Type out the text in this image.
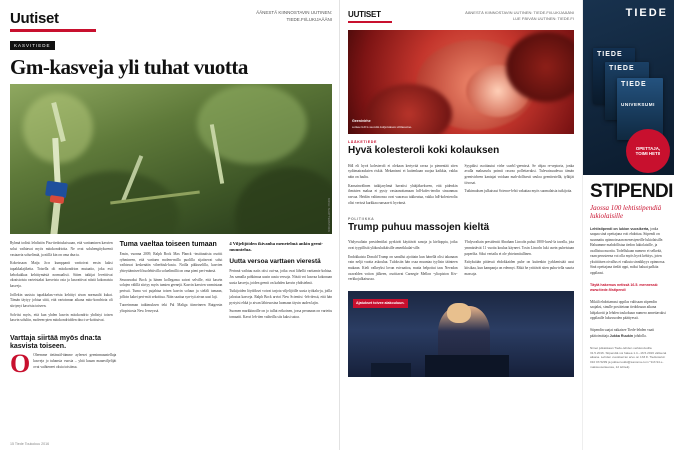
Uutiset	ÄÄNESTÄ KIINNOSTAVIN UUTINEN: TIEDE.FI/LUKIJAÄÄNI
KASVITIEDE
Gm-kasveja yli tuhat vuotta
KUVA: SHUTTERSTOCK

Ryhmä todisti lehdistön Pisa-tiedotuksissaan, että varttaminen kasvien solut vaihtavat myös mitokondrioita. Ne ovat soluhengitykseenä vastaavia soluelimiä, ja niillä kin on oma dna:ta.

Kokeissaan Maija Jo:n kumppanit varttoivat ensin kaksi tupakkalajiketta. Toisella oli mitokondrion mutaatio, joka esti kehokukkaa kehittymästä normaalisti. Sitten tutkijat leveittivat okraistoista varteistaksi kasveista osia ja kasvattivat niistä kokonaisia kasveja.

Joillekin uusista tupakkakas-veista kehittyi aivan normaalit kukat. Tämän täytyy johtua siitä, että vartoinnan aikana mito-kondriota oli siirtynyt kasvista toiseen.

Solviisi myös, että kun yhden kasvin mitokondrio yhdistyi toisen kasvin soluliin, moleem-pien mitokondriolden dna:t se-koittuivat.

Tuma vaeltaa toiseen tumaan

Ensin, vuonna 2009, Ralph Bock Max Planck -instituutista osoitti ryhmineen, että varttaen molem-milla puolilla sijaitsevat solut vaihtavat keskenään viherhiuk-kasia. Noilla pikkuselilla, kasvien yhteyttämiseeli huolehtivilla soluelimillä on oma pieni peri-mänsä.

Seuraavaksi Bock ja hänen kollegansa saivat selville, että kasvin solujen välillä siirtyy myös tumien geenejä. Kasvin kasvien varmistaan perissä. Tuma voi pujahtaa toisen kasvin soluun ja sieläli tumaan, jolloin kakei peri-mät sekoittua. Näin saattaa syn-tyä aivan uusi laji.

Tuoreimman tutkimuksen teki Pal Maliga tiimeineen Rutgersin yliopistosta New Jerseyssä.

4 Viljelijöiden ikivanha menetelmä ankin geeni-muuntelua.
Uutta versoa varttaen vierestä

Perinnä vaihtuu naiis oiisi oui-na, jotka ovat lähellä varttamis-kohtaa. Jos samalla pohkimaa uusin uusia versoja. Niistä voi kasvaa kokonaan uusia kasveja, joiden geenit on kahden kasvin yhdistelmä.

Tutkijoiden löydökset voivat tarjota viljelijöille uusia työkalu-ja, joilla jalostaa kasveja. Ralph Bock arvioi New Scientist -leh-dessä, että hän pystyisi ehkä jo aivan lähivuosina luomaan täysin uuden lajin.

Suomen markkinoille on jo tullut erikoinen, jossa perunaan on vartettu tomaatti. Kasvi leh-tien vaiheilla siis kaksi satoa.

Varttaja siirtää myös dna:ta kasvista toiseen.
O Oleemme tietänsäl-tämme ayleeset geeninmuuntelluja kasveja jo tuhansia vuosia – yhtä kauan maanviljelijät ovat vaihteneet oksia toisiinsa.
15 Tiede Toukokuu 2016
UUTISET	ÄÄNESTÄ KIINNOSTAVIN UUTINEN: TIEDE.FI/LUKIJAÄÄNI
LUE PÄIVÄN UUTINEN: TIEDE.FI
Geenivirhe
sotkee hdl:n suoniin kuljetuksen silmusataa.
LÄÄKETIEDE
Hyvä kolesteroli koki kolauksen

Hdl eli hyvä kolesteroli ei olekaan kertyvää ravaa ja pienentää siten sydänsairauksien riskiä. Mekanismi ei kuitenkaan suojaa kaikkia, vakka näin on luultu.

Kansainvälinen tutkijaryhmä havaitsi yhtäjäksekseen, että pidenkin ihmisten makaa ei pysty vastaanottamaan hdl-koles-terolin sinsanmaa rasvaa. Heidän valtimonsa ovat vaarassa tukkeutua, vakka hdl-kolesterolia olisi verissä kurkkaa runsaas-ti hyvänsä.

Syypäksi osoittautui virhe scarb1-geenissä. Se ohjaa re-septoria, jonka avulla maksasolu poimii rasvaa pollettavaksi. Tulevaisuudessa tämän geenivirheen kantajat voidaan mah-dollisesti seuloa geenitestellä, tylkijät tiivosat.

Tutkimuksen julkaissut Science-lehti vakuttaa myös suomalaisia tutkijoita.

POLITIIKKA
Trump puhuu massojen kieltä

Yhdysvaltain presidentiksi pyrkivät käyttävät sanoja ja kielioppia, jotka ovat tyypillisiä yläkouluikäisille amerikkalai-sille.

Endokkaista Donald Trump on sanallut ajoittain kun hänellä olisi takanaan vain neljä vuotta askoulua. Tuloksiin hän osaa muuntaa tyylisin täänteen mukaan. Kieli valkeyksi lovan esivaatioa, mutta helpottui taas Nevadan osavalden voiton jälkeen, osoittavat Carnegie Mellon -yliopiston Kiv-verkkojulkaisussa.

Yhdysvaltain presidentti Abraham Lincoln puhui 1800-luvul-la tavalla, jota ymmärtävät 11 vuotta koulua käyneet. Tosin Lincoln luki usein puheistaan paperilta. Siksi vertailu ei ole yhteismitallinen.

Esityksiään pitäessä ehdokkaiden puhe on kuitenkin jyrkkenistää usut kitsikaa, kun kampanja on edennyt. Ehkä he yrittävät siten puhu-tella suuria massoja.

Ajatukset toivee alakouluun.
TIEDE
TIEDE
TIEDE
TIEDE
UNIVERSUMI
OPETTAJA, TOIMI HETI!
STIPENDI
Jaossa 100 lehtistipendiä lukiolaisille
Lehtistipendi on lukion vuosikerta, jonka saapaa sinä opettajana voit ehdottaa. Stipendi on suunnattu opinnoissaan menestyneille lukiolaisille. Haluamme mahdollistaa tiedon lukiolaisille, ja osallistua nuorita. Todellukaan numero ei selkeää, vaan perusteena voi olla myös hyvä kehitys, joten yksittäisen oivallus ei vaikuta sinnikkyys opinnossa. Sinä opettajana tiedät oppi, miksi haluat palkita oppilaasi.
Täytä hakemus netissä 16.5. mennessä:
www.tiede.fi/stipendi
Mikäli ehdottamasi oppilas valitsaan stipendin saajaksi, sinulle postitetaan tiedoksuun aikana lahjakortti ja lehden toukokuun numero annettavaksi oppilaalle lukuvuoden päättyessä.
Stipendin saajat ratkaisee Tiede-lehden vaati päätoimittaja Jukka Ruukin johdolla.
Nimet julkaistaan Tiede-lehden verkkosivuilla 31.5.2016. Stipendiä voi hakea 1.4.–16.5.2016 välisenä aikana. Lehden vuosikerran arvo on 133 €. Tiedustelut: 010 03 5299 ja jukka.ruukki@sanoma.com *113 94 e-maksuosoiteessa, 12 lehteä)
